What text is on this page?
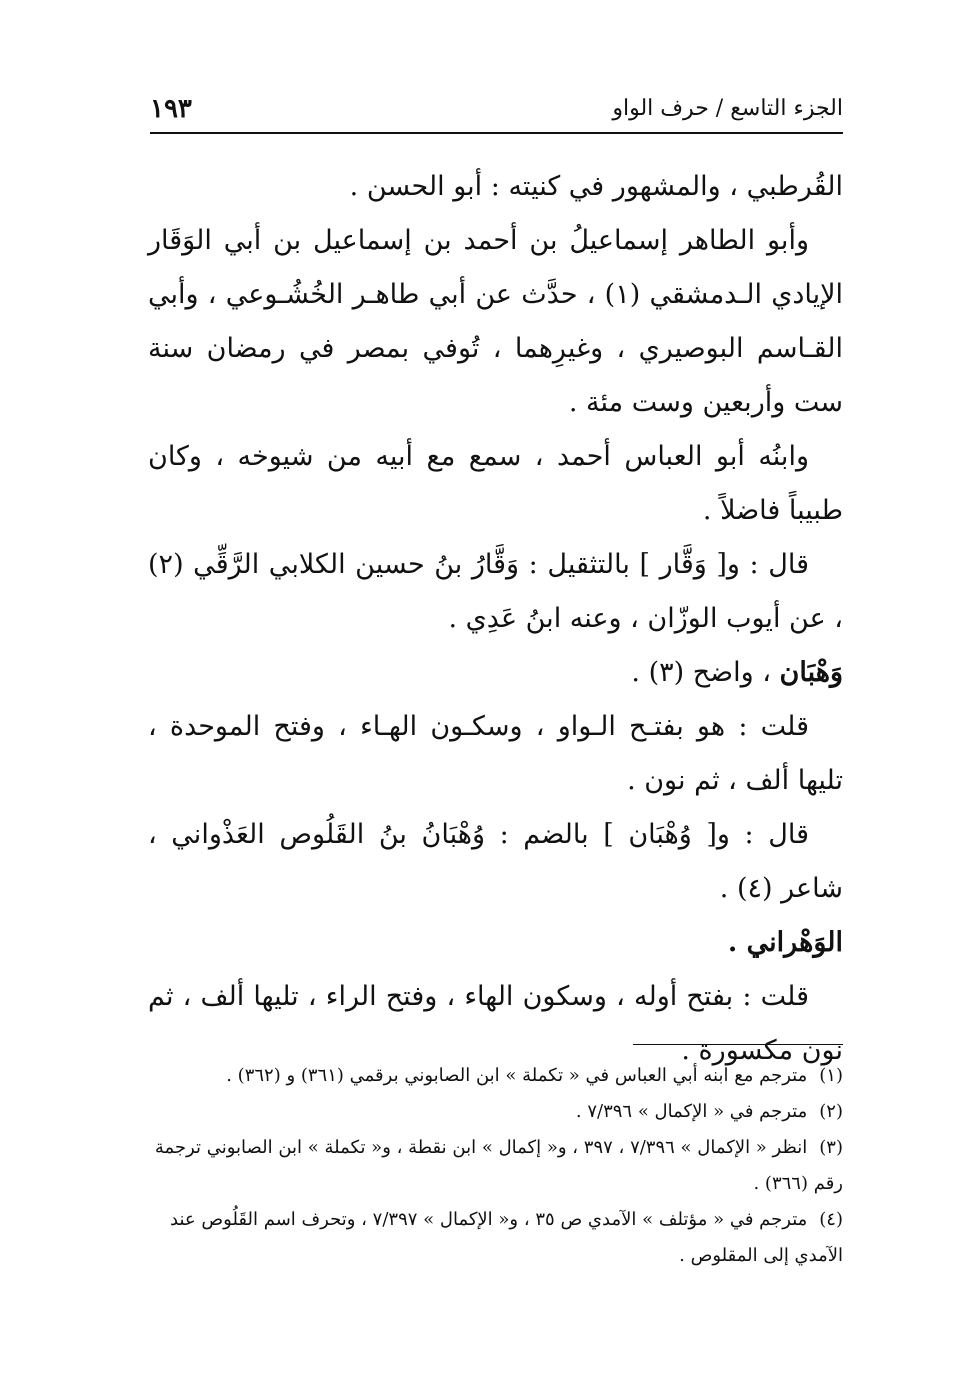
الجزء التاسع / حرف الواو
١٩٣

القُرطبي ، والمشهور في كنيته : أبو الحسن .

وأبو الطاهر إسماعيلُ بن أحمد بن إسماعيل بن أبي الوَقَار الإيادي الـدمشقي (١) ، حدَّث عن أبي طاهـر الخُشُـوعي ، وأبي القـاسم البوصيري ، وغيرِهما ، تُوفي بمصر في رمضان سنة ست وأربعين وست مئة .

وابنُه أبو العباس أحمد ، سمع مع أبيه من شيوخه ، وكان طبيباً فاضلاً .

قال : و[ وَقَّار ] بالتثقيل : وَقَّارُ بنُ حسين الكلابي الرَّقِّي (٢) ، عن أيوب الوزّان ، وعنه ابنُ عَدِي .

وَهْبَان ، واضح (٣) .

قلت : هو بفتـح الـواو ، وسكـون الهـاء ، وفتح الموحدة ، تليها ألف ، ثم نون .

قال : و[ وُهْبَان ] بالضم : وُهْبَانُ بنُ القَلُوص العَذْواني ، شاعر (٤) .

الوَهْراني .

قلت : بفتح أوله ، وسكون الهاء ، وفتح الراء ، تليها ألف ، ثم نون مكسورة .

(١) مترجم مع ابنه أبي العباس في « تكملة » ابن الصابوني برقمي (٣٦١) و (٣٦٢) .

(٢) مترجم في « الإكمال » ٧/٣٩٦ .

(٣) انظر « الإكمال » ٧/٣٩٦ ، ٣٩٧ ، و« إكمال » ابن نقطة ، و« تكملة » ابن الصابوني ترجمة رقم (٣٦٦) .

(٤) مترجم في « مؤتلف » الآمدي ص ٣٥ ، و« الإكمال » ٧/٣٩٧ ، وتحرف اسم القَلُوص عند الآمدي إلى المقلوص .
